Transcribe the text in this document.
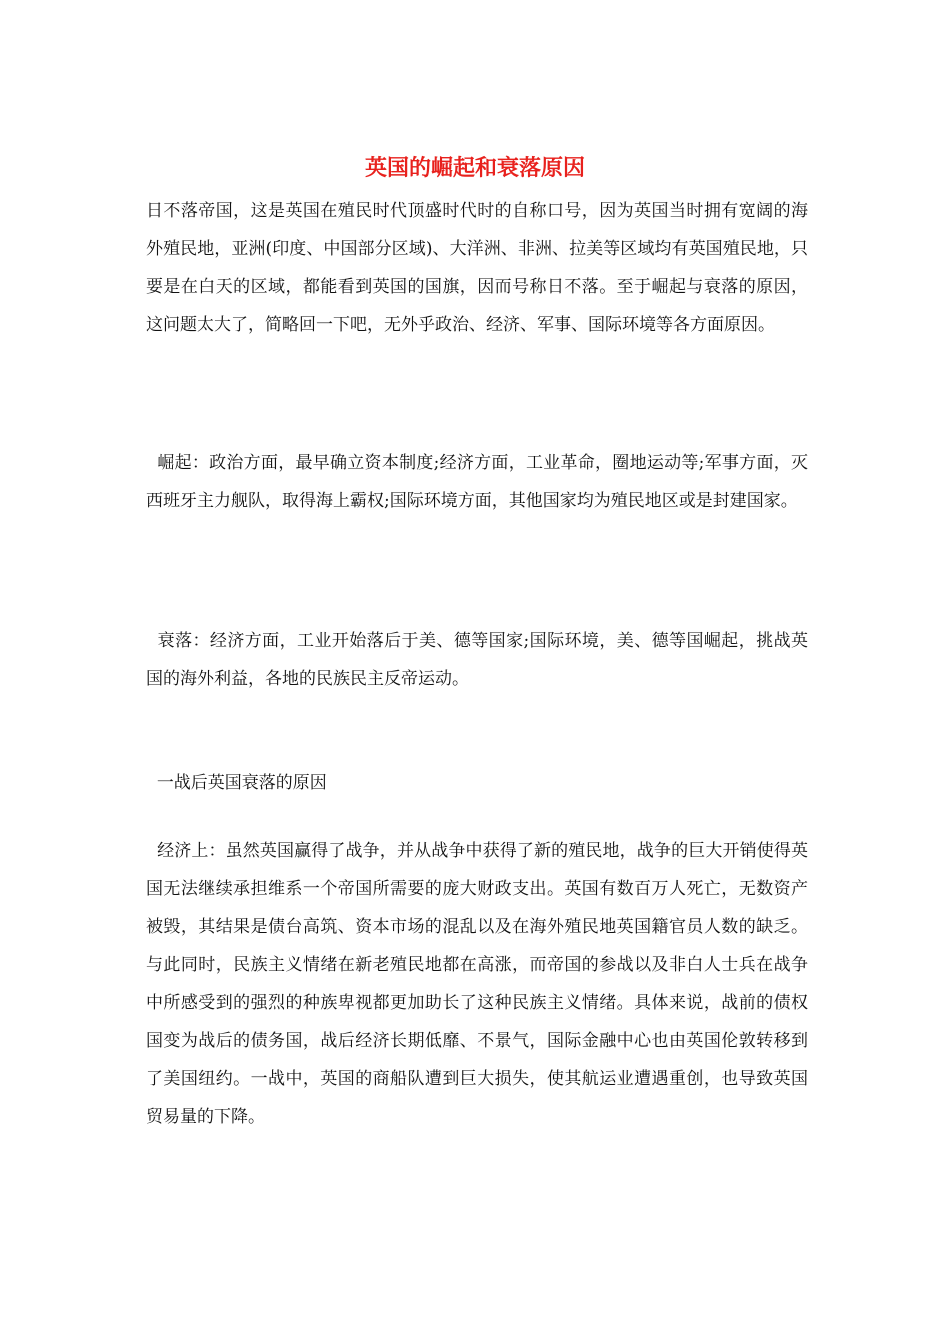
英国的崛起和衰落原因

日不落帝国，这是英国在殖民时代顶盛时代时的自称口号，因为英国当时拥有宽阔的海外殖民地，亚洲(印度、中国部分区域)、大洋洲、非洲、拉美等区域均有英国殖民地，只要是在白天的区域，都能看到英国的国旗，因而号称日不落。至于崛起与衰落的原因，这问题太大了，简略回一下吧，无外乎政治、经济、军事、国际环境等各方面原因。

崛起：政治方面，最早确立资本制度;经济方面，工业革命，圈地运动等;军事方面，灭西班牙主力舰队，取得海上霸权;国际环境方面，其他国家均为殖民地区或是封建国家。

衰落：经济方面，工业开始落后于美、德等国家;国际环境，美、德等国崛起，挑战英国的海外利益，各地的民族民主反帝运动。

一战后英国衰落的原因

经济上：虽然英国赢得了战争，并从战争中获得了新的殖民地，战争的巨大开销使得英国无法继续承担维系一个帝国所需要的庞大财政支出。英国有数百万人死亡，无数资产被毁，其结果是债台高筑、资本市场的混乱以及在海外殖民地英国籍官员人数的缺乏。与此同时，民族主义情绪在新老殖民地都在高涨，而帝国的参战以及非白人士兵在战争中所感受到的强烈的种族卑视都更加助长了这种民族主义情绪。具体来说，战前的债权国变为战后的债务国，战后经济长期低靡、不景气，国际金融中心也由英国伦敦转移到了美国纽约。一战中，英国的商船队遭到巨大损失，使其航运业遭遇重创，也导致英国贸易量的下降。
